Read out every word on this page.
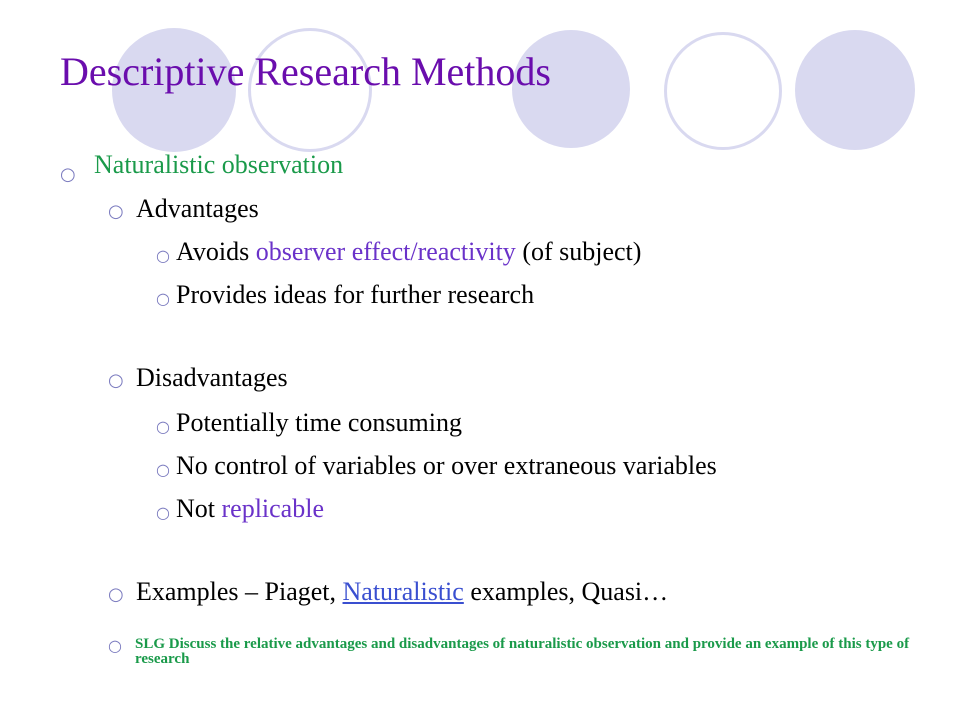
Descriptive Research Methods
○ Naturalistic observation
○ Advantages
○ Avoids observer effect/reactivity (of subject)
○ Provides ideas for further research
○ Disadvantages
○ Potentially time consuming
○ No control of variables or over extraneous variables
○ Not replicable
○ Examples – Piaget, Naturalistic examples, Quasi…
○ SLG Discuss the relative advantages and disadvantages of naturalistic observation and provide an example of this type of research
